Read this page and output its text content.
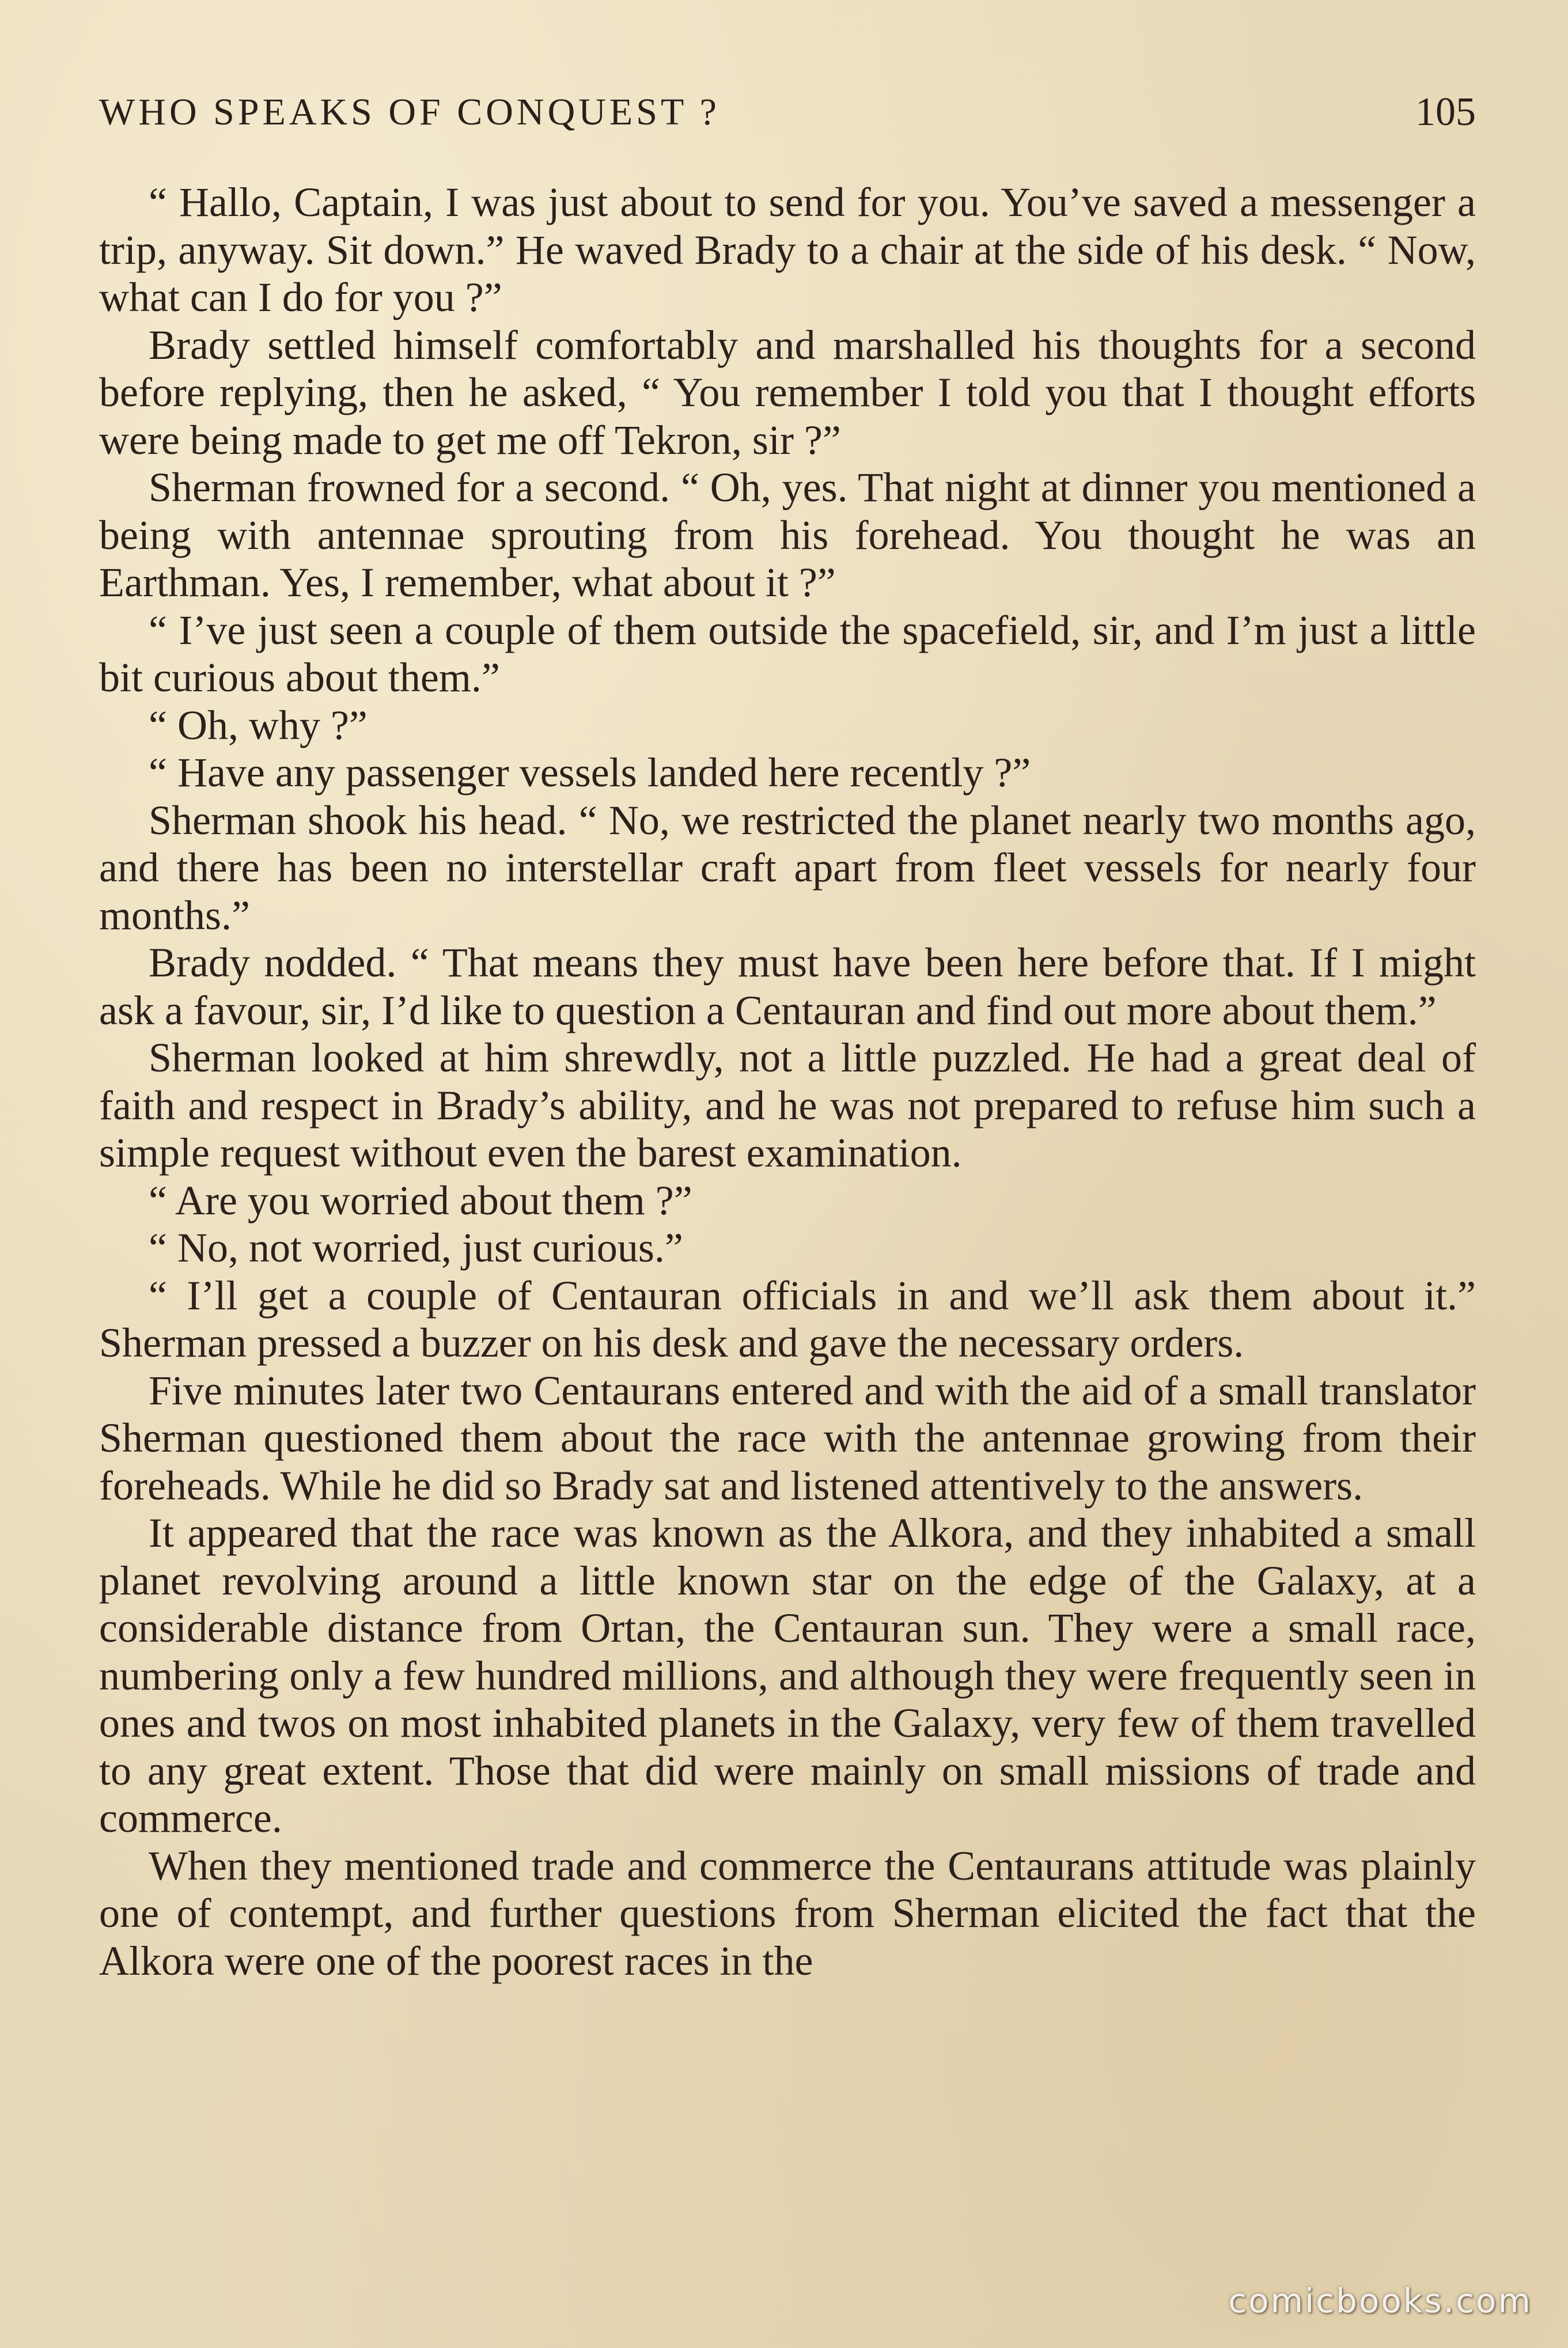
WHO SPEAKS OF CONQUEST ?	105

“ Hallo, Captain, I was just about to send for you. You’ve saved a messenger a trip, anyway. Sit down.” He waved Brady to a chair at the side of his desk. “ Now, what can I do for you ?”

Brady settled himself comfortably and marshalled his thoughts for a second before replying, then he asked, “ You remember I told you that I thought efforts were being made to get me off Tekron, sir ?”

Sherman frowned for a second. “ Oh, yes. That night at dinner you mentioned a being with antennae sprouting from his forehead. You thought he was an Earthman. Yes, I remember, what about it ?”

“ I’ve just seen a couple of them outside the spacefield, sir, and I’m just a little bit curious about them.”

“ Oh, why ?”

“ Have any passenger vessels landed here recently ?”

Sherman shook his head. “ No, we restricted the planet nearly two months ago, and there has been no interstellar craft apart from fleet vessels for nearly four months.”

Brady nodded. “ That means they must have been here before that. If I might ask a favour, sir, I’d like to question a Centauran and find out more about them.”

Sherman looked at him shrewdly, not a little puzzled. He had a great deal of faith and respect in Brady’s ability, and he was not prepared to refuse him such a simple request without even the barest examination.

“ Are you worried about them ?”

“ No, not worried, just curious.”

“ I’ll get a couple of Centauran officials in and we’ll ask them about it.” Sherman pressed a buzzer on his desk and gave the necessary orders.

Five minutes later two Centaurans entered and with the aid of a small translator Sherman questioned them about the race with the antennae growing from their foreheads. While he did so Brady sat and listened attentively to the answers.

It appeared that the race was known as the Alkora, and they inhabited a small planet revolving around a little known star on the edge of the Galaxy, at a considerable distance from Ortan, the Centauran sun. They were a small race, numbering only a few hundred millions, and although they were frequently seen in ones and twos on most inhabited planets in the Galaxy, very few of them travelled to any great extent. Those that did were mainly on small missions of trade and commerce.

When they mentioned trade and commerce the Centaurans attitude was plainly one of contempt, and further questions from Sherman elicited the fact that the Alkora were one of the poorest races in the

comicbooks.com
